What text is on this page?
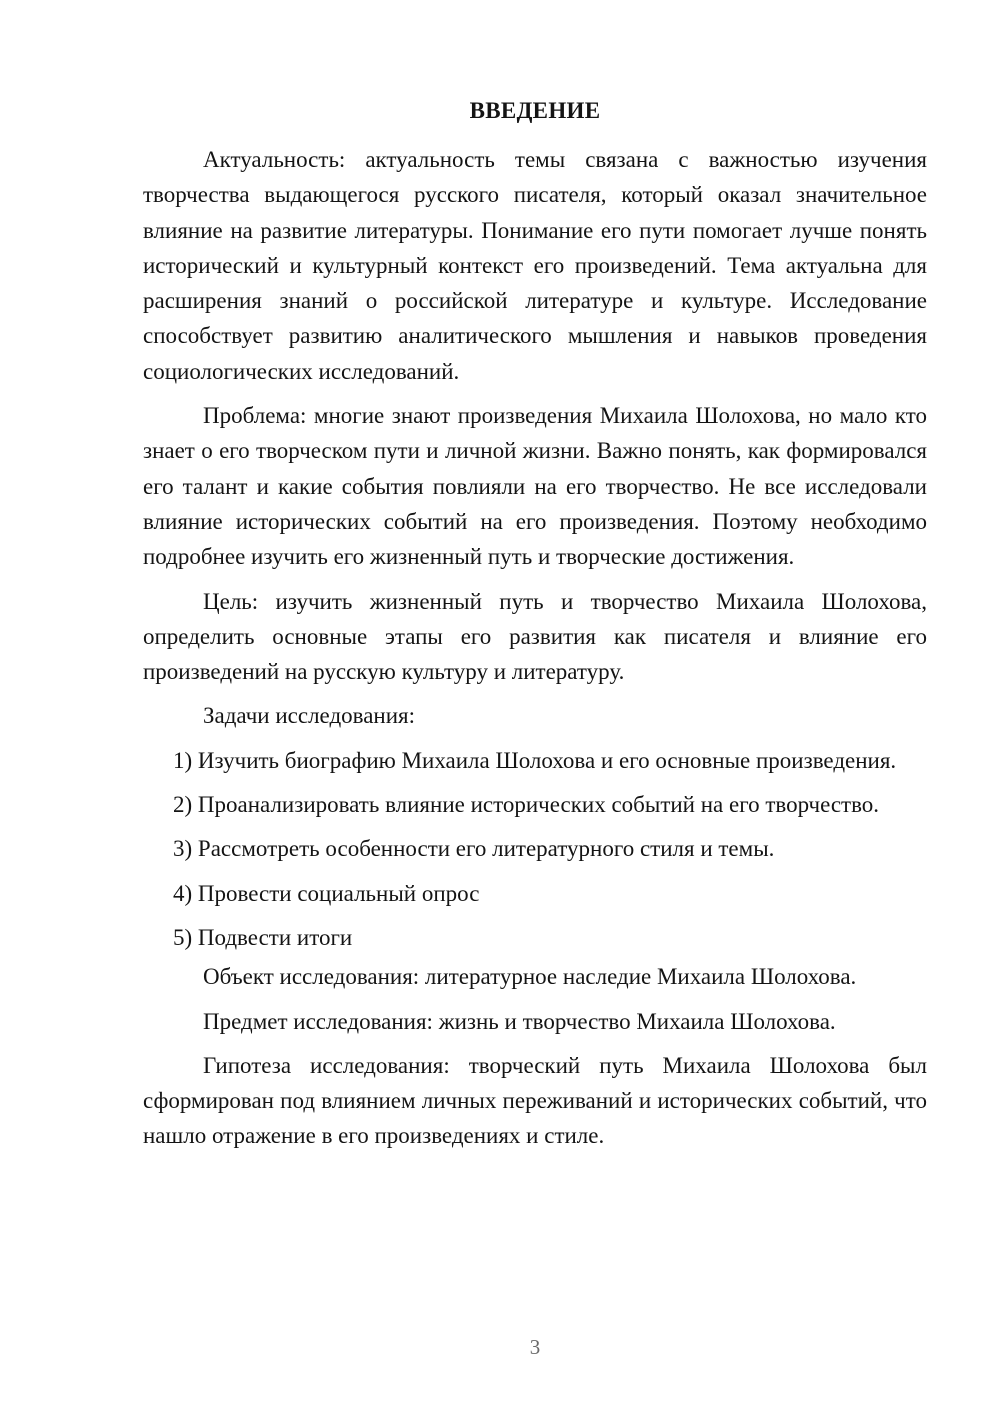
ВВЕДЕНИЕ

Актуальность: актуальность темы связана с важностью изучения творчества выдающегося русского писателя, который оказал значительное влияние на развитие литературы. Понимание его пути помогает лучше понять исторический и культурный контекст его произведений. Тема актуальна для расширения знаний о российской литературе и культуре. Исследование способствует развитию аналитического мышления и навыков проведения социологических исследований.

Проблема: многие знают произведения Михаила Шолохова, но мало кто знает о его творческом пути и личной жизни. Важно понять, как формировался его талант и какие события повлияли на его творчество. Не все исследовали влияние исторических событий на его произведения. Поэтому необходимо подробнее изучить его жизненный путь и творческие достижения.

Цель: изучить жизненный путь и творчество Михаила Шолохова, определить основные этапы его развития как писателя и влияние его произведений на русскую культуру и литературу.

Задачи исследования:

1) Изучить биографию Михаила Шолохова и его основные произведения.

2) Проанализировать влияние исторических событий на его творчество.

3) Рассмотреть особенности его литературного стиля и темы.

4) Провести социальный опрос

5) Подвести итоги

Объект исследования: литературное наследие Михаила Шолохова.

Предмет исследования: жизнь и творчество Михаила Шолохова.

Гипотеза исследования: творческий путь Михаила Шолохова был сформирован под влиянием личных переживаний и исторических событий, что нашло отражение в его произведениях и стиле.

3
